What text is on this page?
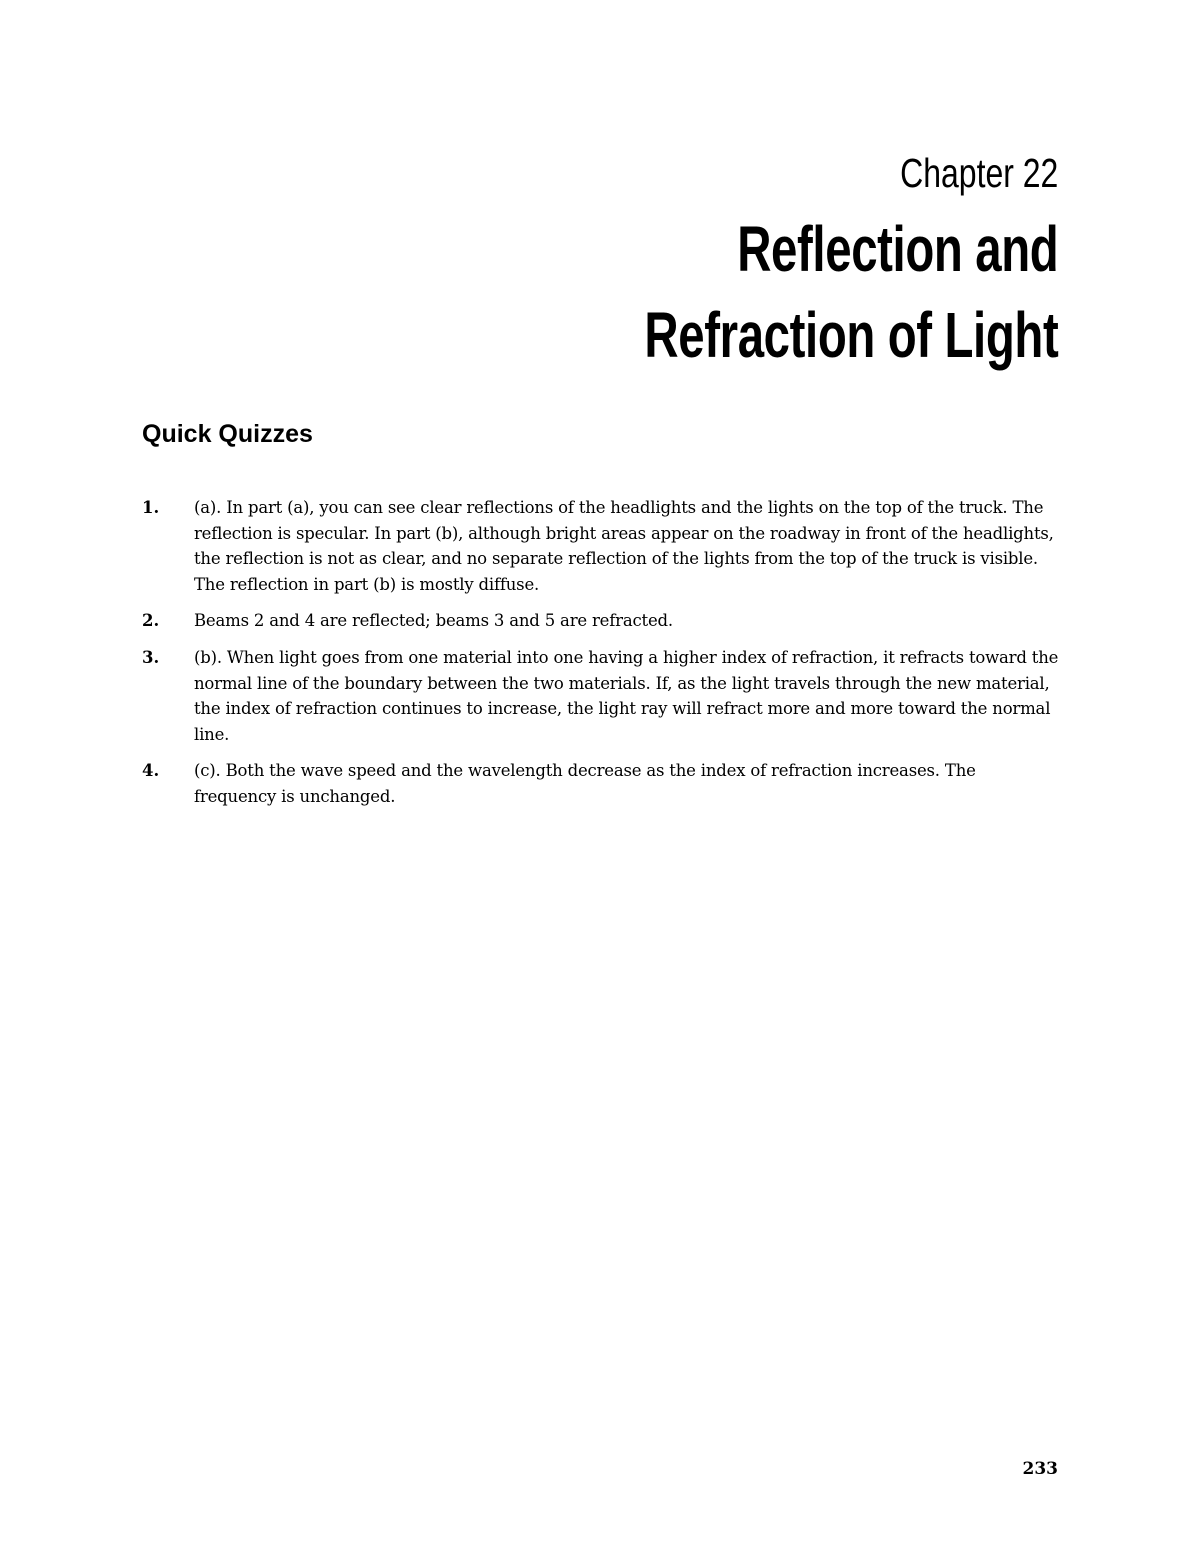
Chapter 22
Reflection and
Refraction of Light
Quick Quizzes
1. (a). In part (a), you can see clear reflections of the headlights and the lights on the top of the truck. The reflection is specular. In part (b), although bright areas appear on the roadway in front of the headlights, the reflection is not as clear, and no separate reflection of the lights from the top of the truck is visible. The reflection in part (b) is mostly diffuse.
2. Beams 2 and 4 are reflected; beams 3 and 5 are refracted.
3. (b). When light goes from one material into one having a higher index of refraction, it refracts toward the normal line of the boundary between the two materials. If, as the light travels through the new material, the index of refraction continues to increase, the light ray will refract more and more toward the normal line.
4. (c). Both the wave speed and the wavelength decrease as the index of refraction increases. The frequency is unchanged.
233
